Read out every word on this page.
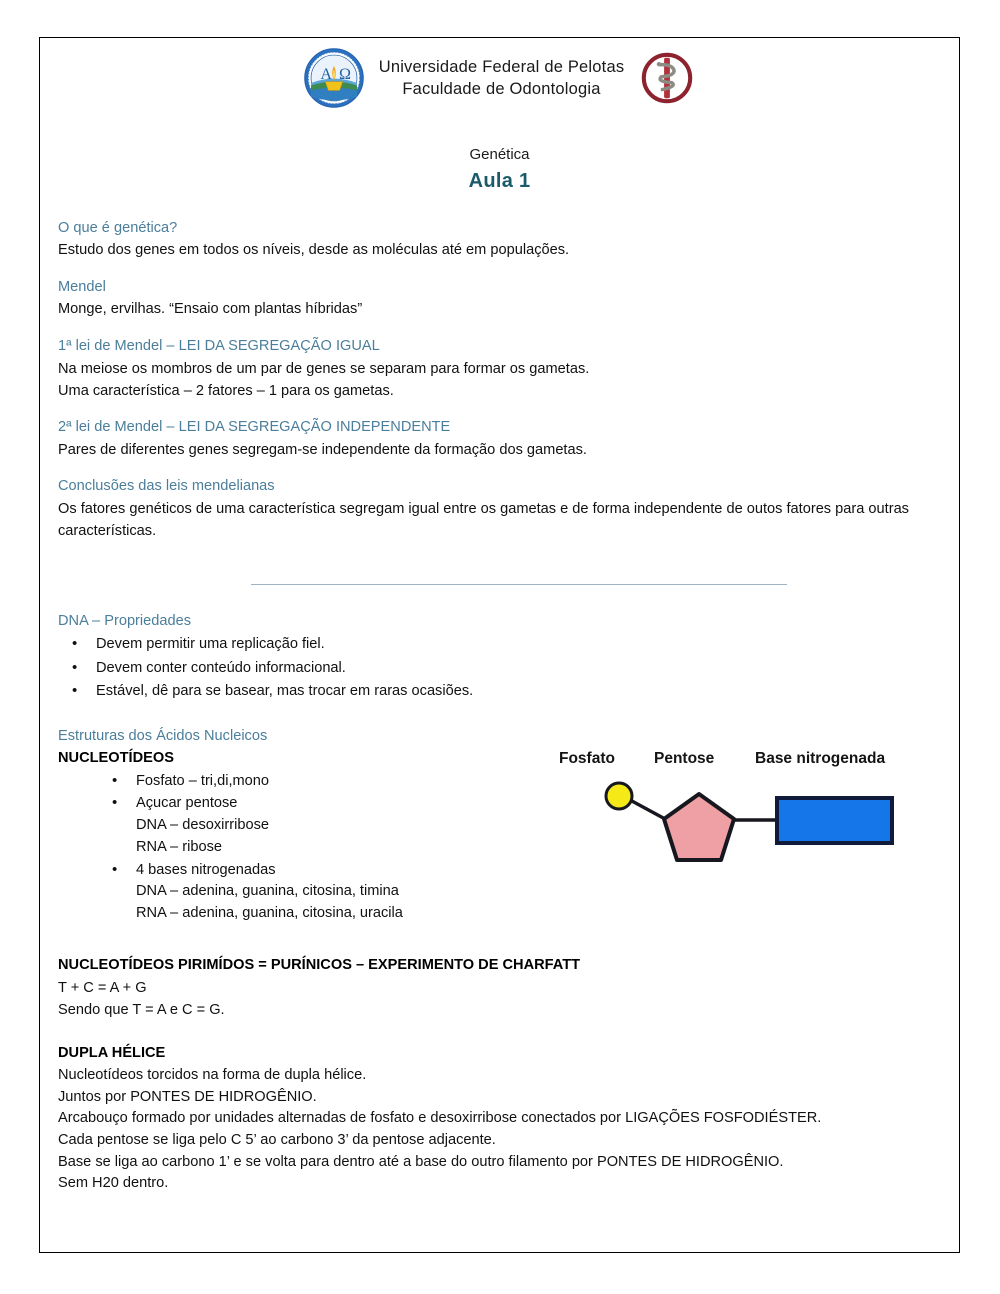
A Ω Universidade Federal de Pelotas
Faculdade de Odontologia
Genética
Aula 1
O que é genética?
Estudo dos genes em todos os níveis, desde as moléculas até em populações.
Mendel
Monge, ervilhas. “Ensaio com plantas híbridas”
1ª lei de Mendel – LEI DA SEGREGAÇÃO IGUAL
Na meiose os mombros de um par de genes se separam para formar os gametas.
Uma característica – 2 fatores – 1 para os gametas.
2ª lei de Mendel – LEI DA SEGREGAÇÃO INDEPENDENTE
Pares de diferentes genes segregam-se independente da formação dos gametas.
Conclusões das leis mendelianas
Os fatores genéticos de uma característica segregam igual entre os gametas e de forma independente de outos fatores para outras características.
DNA – Propriedades
• Devem permitir uma replicação fiel.
• Devem conter conteúdo informacional.
• Estável, dê para se basear, mas trocar em raras ocasiões.
Estruturas dos Ácidos Nucleicos
NUCLEOTÍDEOS
• Fosfato – tri,di,mono
• Açucar pentose
DNA – desoxirribose
RNA – ribose
• 4 bases nitrogenadas
DNA – adenina, guanina, citosina, timina
RNA – adenina, guanina, citosina, uracila
NUCLEOTÍDEOS PIRIMÍDOS = PURÍNICOS – EXPERIMENTO DE CHARFATT
T + C = A + G
Sendo que T = A e C = G.
DUPLA HÉLICE
Nucleotídeos torcidos na forma de dupla hélice.
Juntos por PONTES DE HIDROGÊNIO.
Arcabouço formado por unidades alternadas de fosfato e desoxirribose conectados por LIGAÇÕES FOSFODIÉSTER.
Cada pentose se liga pelo C 5’ ao carbono 3’ da pentose adjacente.
Base se liga ao carbono 1’ e se volta para dentro até a base do outro filamento por PONTES DE HIDROGÊNIO.
Sem H20 dentro.
Fosfato	Pentose	Base nitrogenada
